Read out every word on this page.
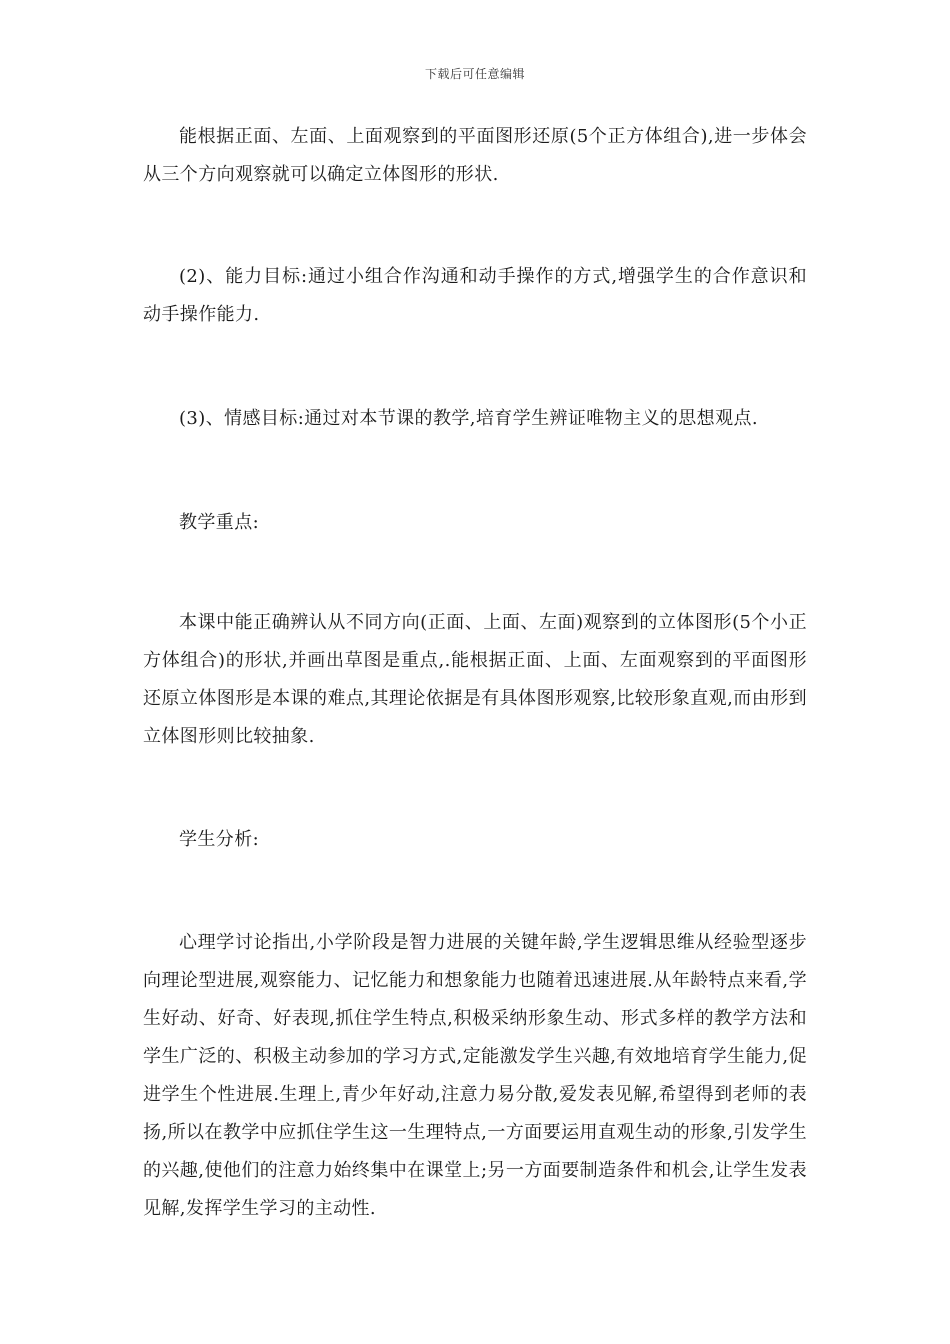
下载后可任意编辑

能根据正面、左面、上面观察到的平面图形还原(5个正方体组合),进一步体会从三个方向观察就可以确定立体图形的形状.

(2)、能力目标:通过小组合作沟通和动手操作的方式,增强学生的合作意识和动手操作能力.

(3)、情感目标:通过对本节课的教学,培育学生辨证唯物主义的思想观点.

教学重点:

本课中能正确辨认从不同方向(正面、上面、左面)观察到的立体图形(5个小正方体组合)的形状,并画出草图是重点,.能根据正面、上面、左面观察到的平面图形还原立体图形是本课的难点,其理论依据是有具体图形观察,比较形象直观,而由形到立体图形则比较抽象.

学生分析:

心理学讨论指出,小学阶段是智力进展的关键年龄,学生逻辑思维从经验型逐步向理论型进展,观察能力、记忆能力和想象能力也随着迅速进展.从年龄特点来看,学生好动、好奇、好表现,抓住学生特点,积极采纳形象生动、形式多样的教学方法和学生广泛的、积极主动参加的学习方式,定能激发学生兴趣,有效地培育学生能力,促进学生个性进展.生理上,青少年好动,注意力易分散,爱发表见解,希望得到老师的表扬,所以在教学中应抓住学生这一生理特点,一方面要运用直观生动的形象,引发学生的兴趣,使他们的注意力始终集中在课堂上;另一方面要制造条件和机会,让学生发表见解,发挥学生学习的主动性.
